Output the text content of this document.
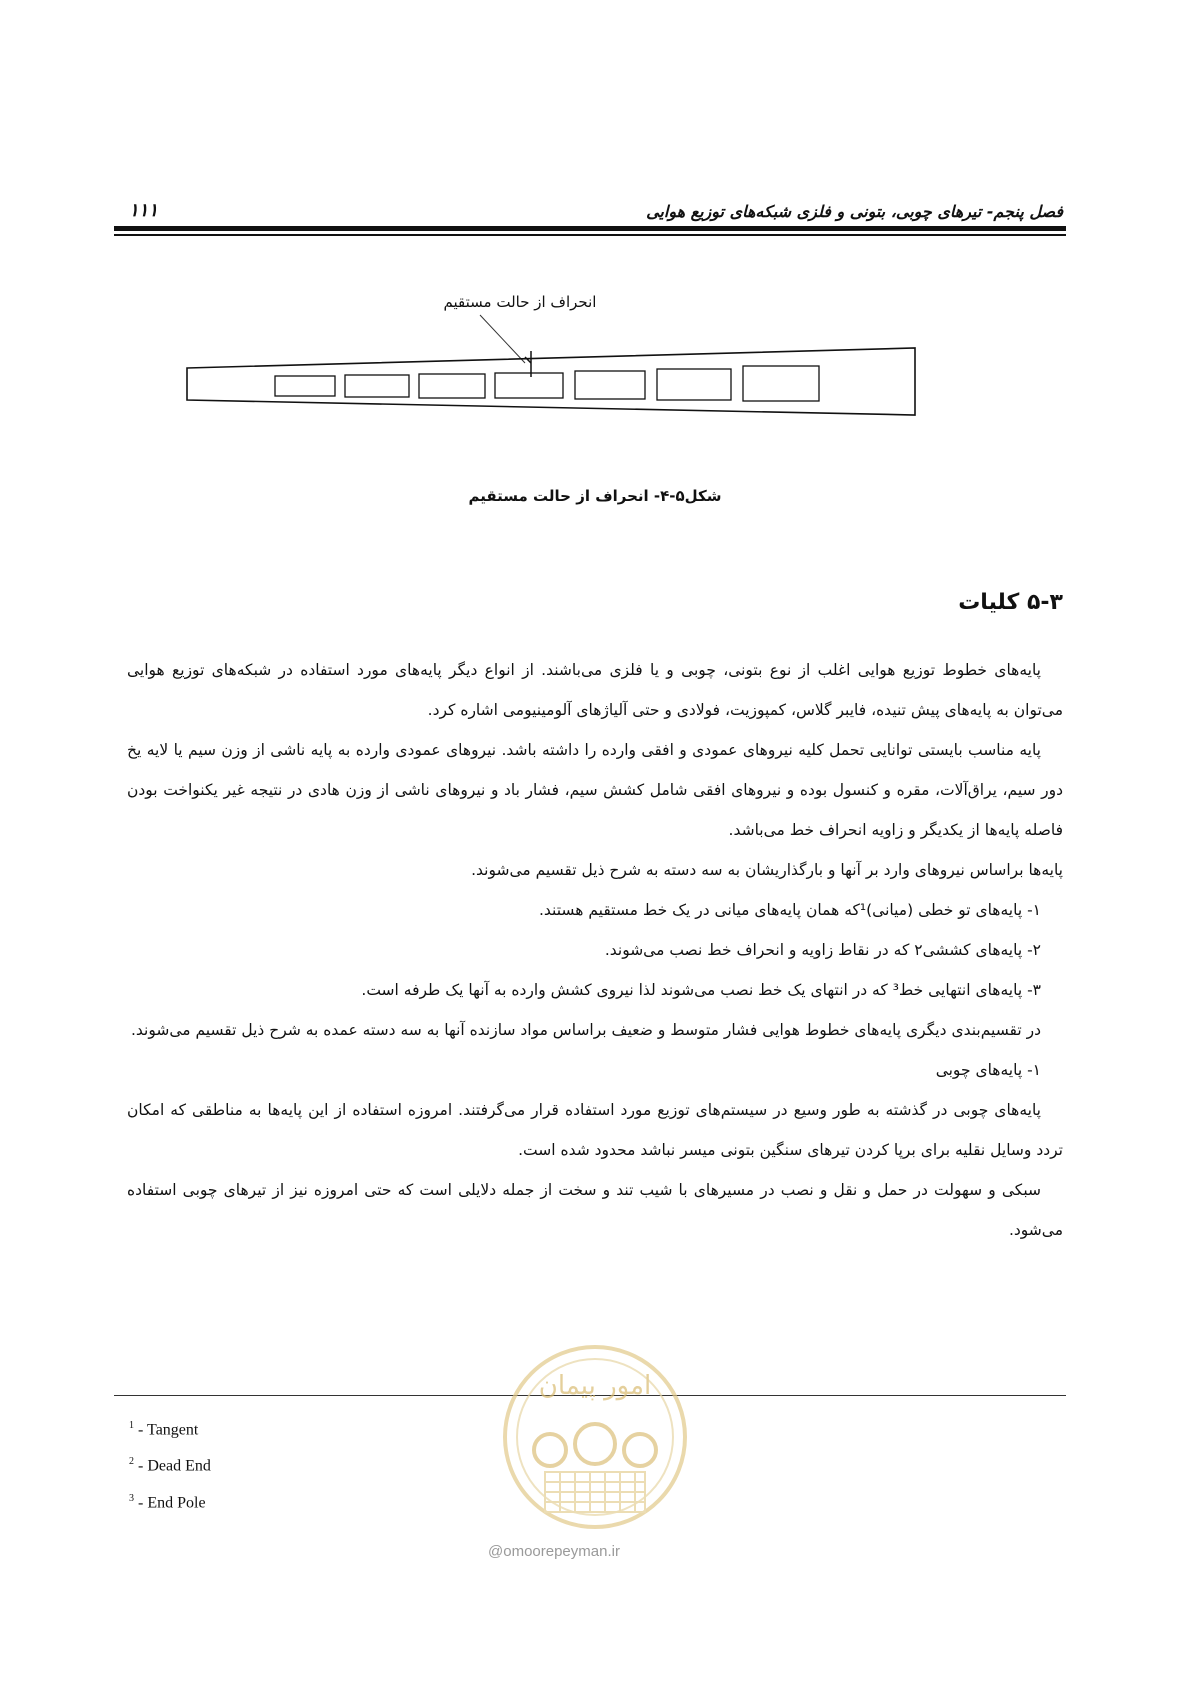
فصل پنجم- تیرهای چوبی، بتونی و فلزی شبکه‌های توزیع هوایی
۱۱۱
انحراف از حالت مستقیم
شکل۵-۴- انحراف از حالت مستقیم
۵-۳ کلیات

پایه‌های خطوط توزیع هوایی اغلب از نوع بتونی، چوبی و یا فلزی می‌باشند. از انواع دیگر پایه‌های مورد استفاده در شبکه‌های توزیع هوایی می‌توان به پایه‌های پیش تنیده، فایبر گلاس، کمپوزیت، فولادی و حتی آلیاژهای آلومینیومی اشاره کرد.

پایه مناسب بایستی توانایی تحمل کلیه نیروهای عمودی و افقی وارده را داشته باشد. نیروهای عمودی وارده به پایه ناشی از وزن سیم یا لایه یخ دور سیم، یراق‌آلات، مقره و کنسول بوده و نیروهای افقی شامل کشش سیم، فشار باد و نیروهای ناشی از وزن هادی در نتیجه غیر یکنواخت بودن فاصله پایه‌ها از یکدیگر و زاویه انحراف خط می‌باشد.

پایه‌ها براساس نیروهای وارد بر آنها و بارگذاریشان به سه دسته به شرح ذیل تقسیم می‌شوند.

۱- پایه‌های تو خطی (میانی)¹که همان پایه‌های میانی در یک خط مستقیم هستند.

۲- پایه‌های کششی۲ که در نقاط زاویه و انحراف خط نصب می‌شوند.

۳- پایه‌های انتهایی خط³ که در انتهای یک خط نصب می‌شوند لذا نیروی کشش وارده به آنها یک طرفه است.

در تقسیم‌بندی دیگری پایه‌های خطوط هوایی فشار متوسط و ضعیف براساس مواد سازنده آنها به سه دسته عمده به شرح ذیل تقسیم می‌شوند.

۱- پایه‌های چوبی

پایه‌های چوبی در گذشته به طور وسیع در سیستم‌های توزیع مورد استفاده قرار می‌گرفتند. امروزه استفاده از این پایه‌ها به مناطقی که امکان تردد وسایل نقلیه برای برپا کردن تیرهای سنگین بتونی میسر نباشد محدود شده است.

سبکی و سهولت در حمل و نقل و نصب در مسیرهای با شیب تند و سخت از جمله دلایلی است که حتی امروزه نیز از تیرهای چوبی استفاده می‌شود.

$^1$ - Tangent
$^2$ - Dead End
$^3$ - End Pole
امور پیمان
@omoorepeyman.ir
